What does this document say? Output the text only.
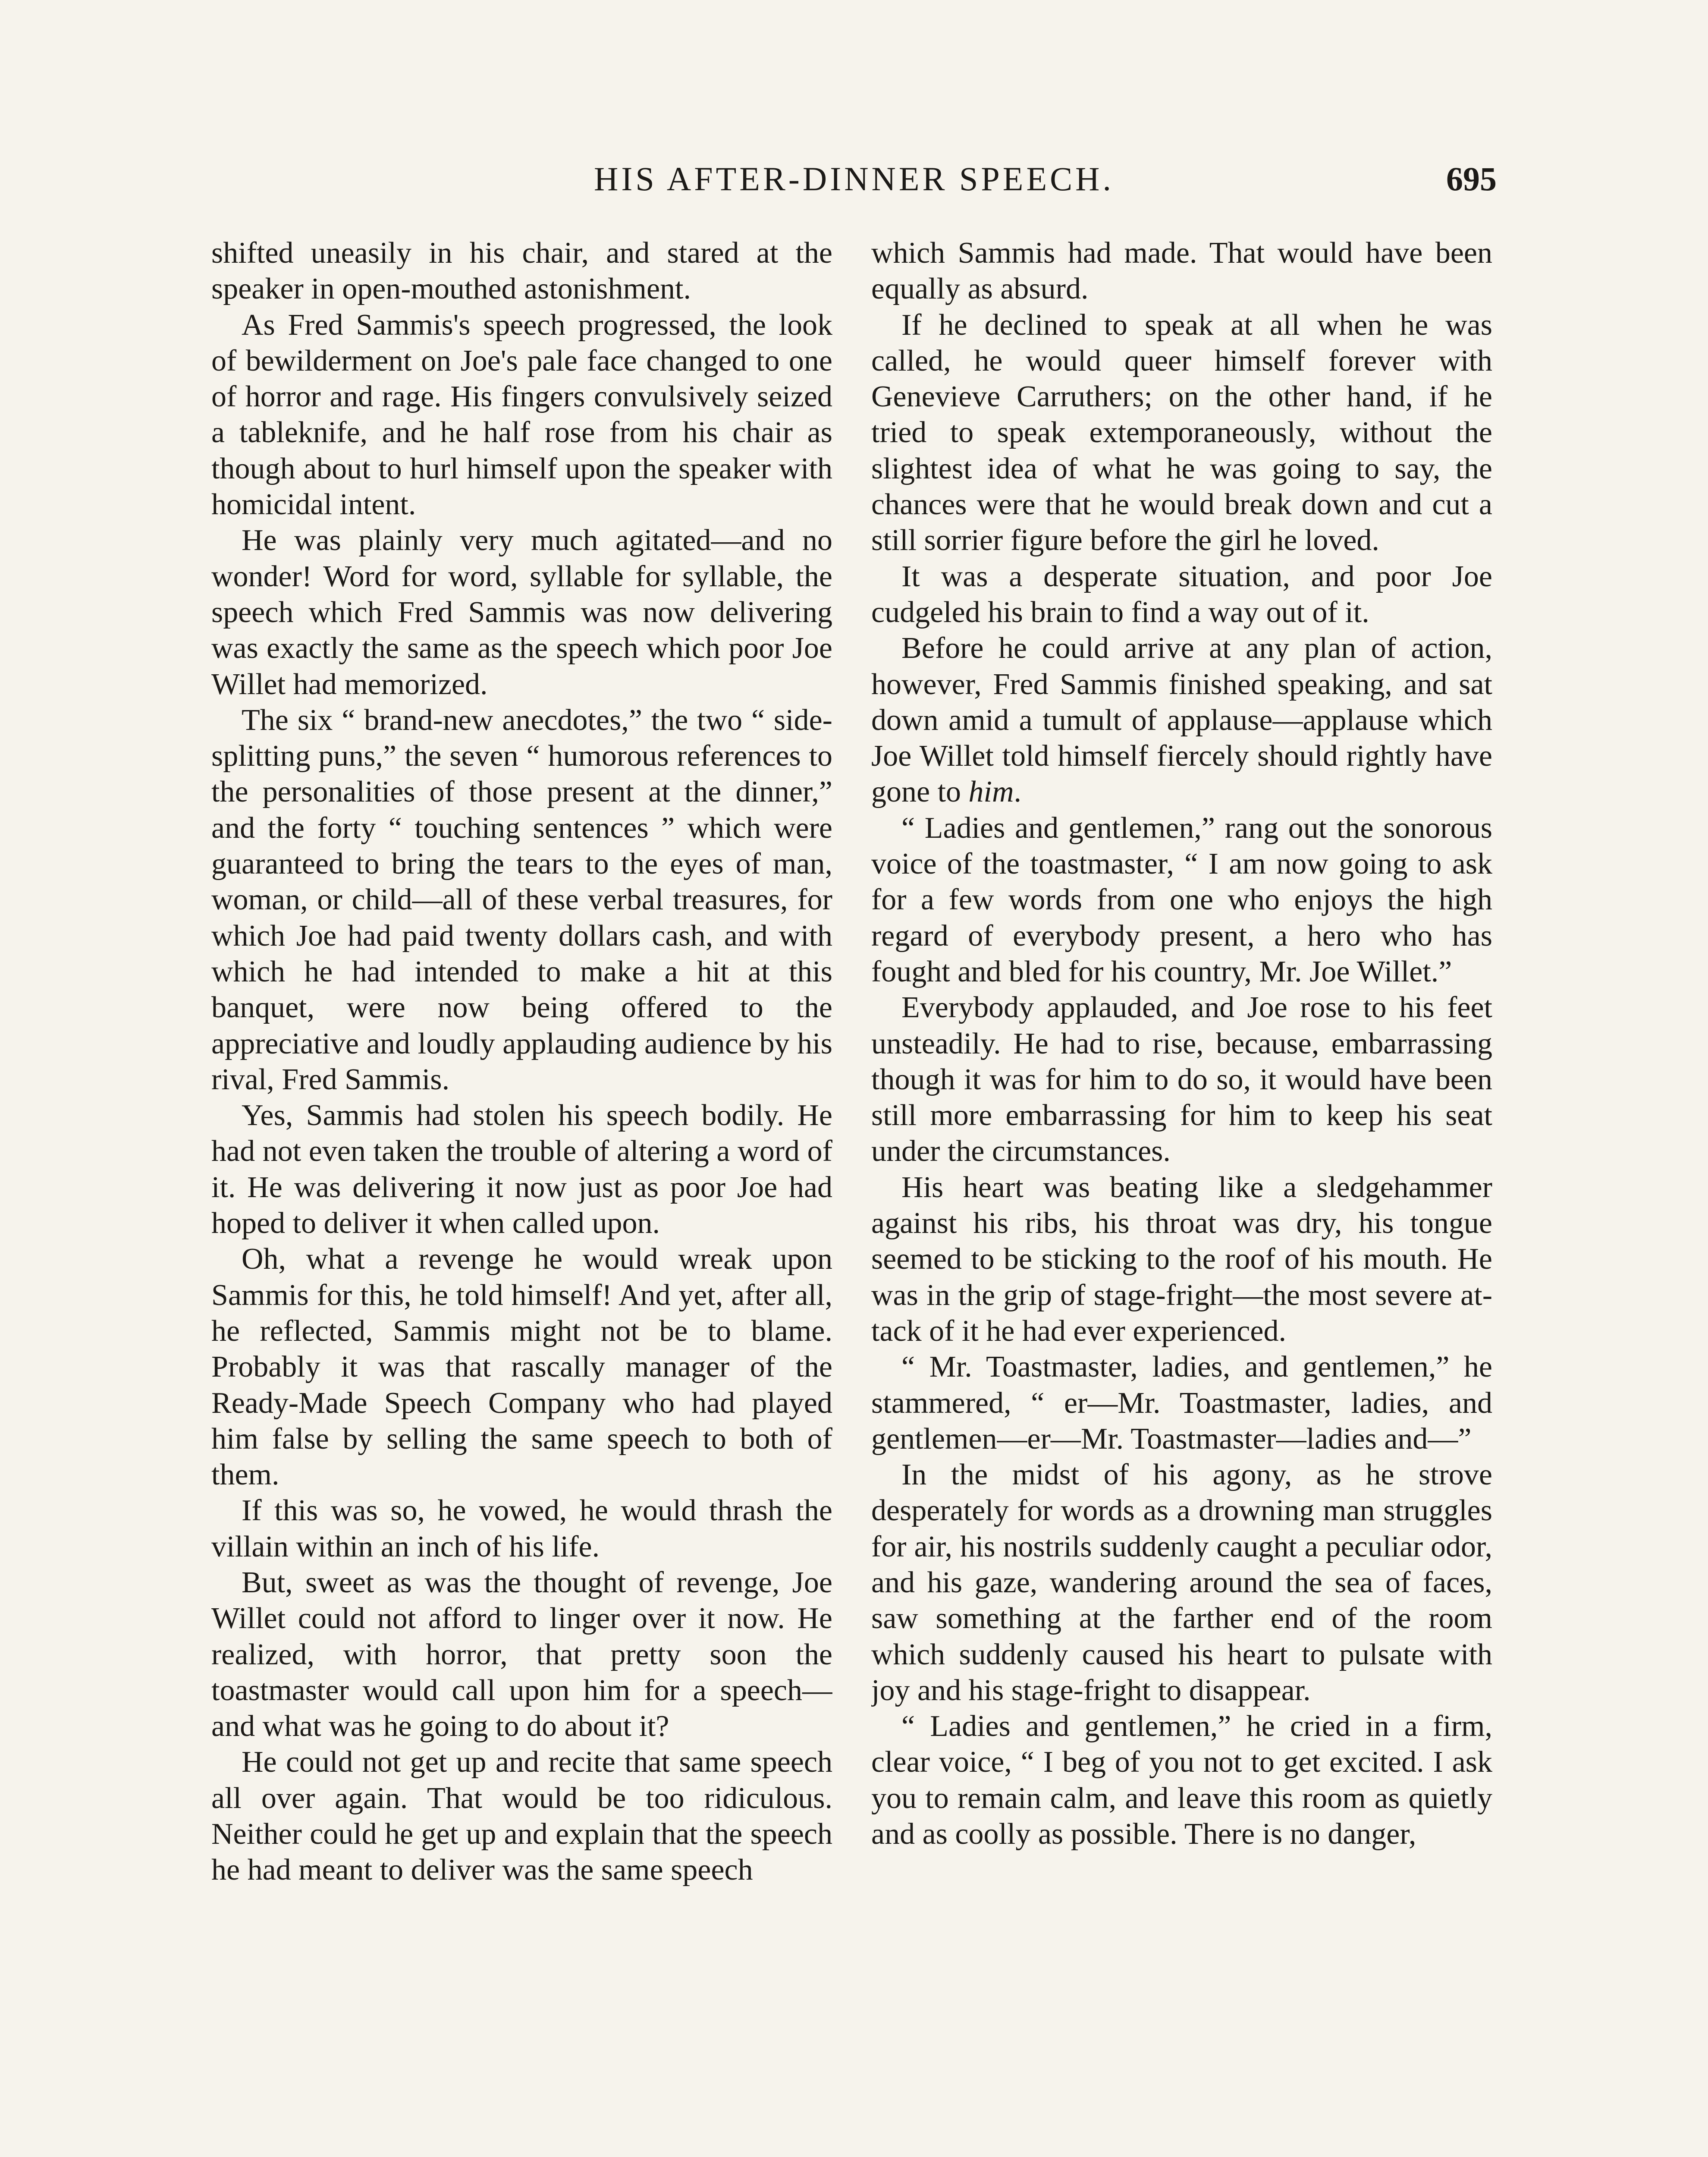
HIS AFTER-DINNER SPEECH.	695

shifted uneasily in his chair, and stared at the speaker in open-mouthed astonishment.

As Fred Sammis's speech progressed, the look of bewilderment on Joe's pale face changed to one of horror and rage. His fingers convulsively seized a tableknife, and he half rose from his chair as though about to hurl himself upon the speaker with homicidal intent.

He was plainly very much agitated—and no wonder! Word for word, syllable for syllable, the speech which Fred Sammis was now delivering was exactly the same as the speech which poor Joe Willet had memorized.

The six “ brand-new anecdotes,” the two “ side-splitting puns,” the seven “ humorous references to the personalities of those present at the dinner,” and the forty “ touching sentences ” which were guaranteed to bring the tears to the eyes of man, woman, or child—all of these verbal treasures, for which Joe had paid twenty dollars cash, and with which he had intended to make a hit at this banquet, were now being offered to the appreciative and loudly applauding audience by his rival, Fred Sammis.

Yes, Sammis had stolen his speech bodily. He had not even taken the trouble of altering a word of it. He was delivering it now just as poor Joe had hoped to deliver it when called upon.

Oh, what a revenge he would wreak upon Sammis for this, he told himself! And yet, after all, he reflected, Sammis might not be to blame. Probably it was that rascally manager of the Ready-Made Speech Company who had played him false by selling the same speech to both of them.

If this was so, he vowed, he would thrash the villain within an inch of his life.

But, sweet as was the thought of revenge, Joe Willet could not afford to linger over it now. He realized, with horror, that pretty soon the toastmaster would call upon him for a speech—and what was he going to do about it?

He could not get up and recite that same speech all over again. That would be too ridiculous. Neither could he get up and explain that the speech he had meant to deliver was the same speech

which Sammis had made. That would have been equally as absurd.

If he declined to speak at all when he was called, he would queer himself forever with Genevieve Carruthers; on the other hand, if he tried to speak extemporaneously, without the slightest idea of what he was going to say, the chances were that he would break down and cut a still sorrier figure before the girl he loved.

It was a desperate situation, and poor Joe cudgeled his brain to find a way out of it.

Before he could arrive at any plan of action, however, Fred Sammis finished speaking, and sat down amid a tumult of applause—applause which Joe Willet told himself fiercely should rightly have gone to him.

“ Ladies and gentlemen,” rang out the sonorous voice of the toastmaster, “ I am now going to ask for a few words from one who enjoys the high regard of everybody present, a hero who has fought and bled for his country, Mr. Joe Willet.”

Everybody applauded, and Joe rose to his feet unsteadily. He had to rise, because, embarrassing though it was for him to do so, it would have been still more embarrassing for him to keep his seat under the circumstances.

His heart was beating like a sledgehammer against his ribs, his throat was dry, his tongue seemed to be sticking to the roof of his mouth. He was in the grip of stage-fright—the most severe attack of it he had ever experienced.

“ Mr. Toastmaster, ladies, and gentlemen,” he stammered, “ er—Mr. Toastmaster, ladies, and gentlemen—er—Mr. Toastmaster—ladies and—”

In the midst of his agony, as he strove desperately for words as a drowning man struggles for air, his nostrils suddenly caught a peculiar odor, and his gaze, wandering around the sea of faces, saw something at the farther end of the room which suddenly caused his heart to pulsate with joy and his stage-fright to disappear.

“ Ladies and gentlemen,” he cried in a firm, clear voice, “ I beg of you not to get excited. I ask you to remain calm, and leave this room as quietly and as coolly as possible. There is no danger,
